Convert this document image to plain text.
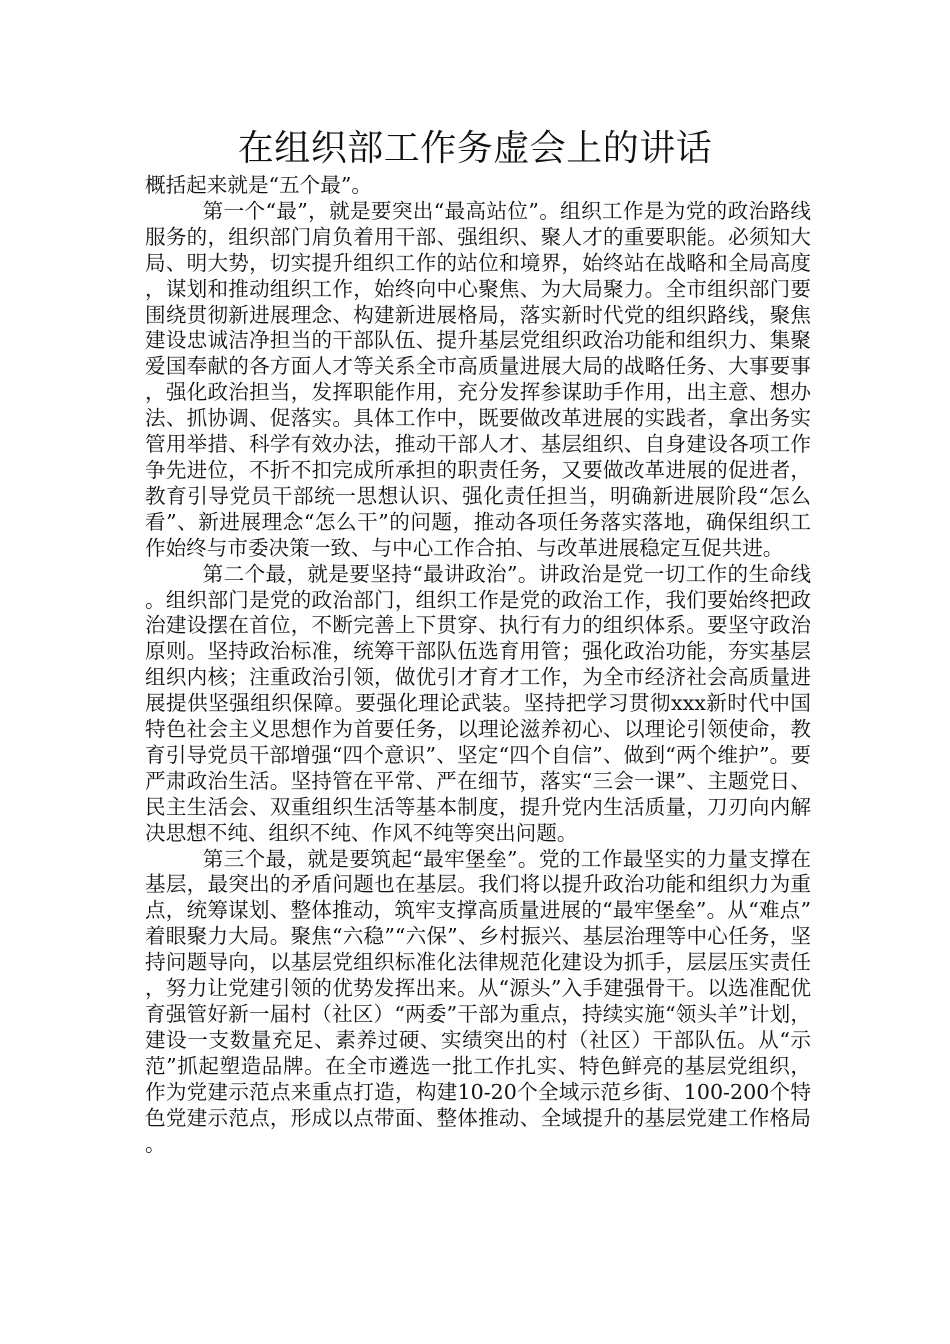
在组织部工作务虚会上的讲话

概括起来就是“五个最”。

第一个“最”，就是要突出“最高站位”。组织工作是为党的政治路线服务的，组织部门肩负着用干部、强组织、聚人才的重要职能。必须知大局、明大势，切实提升组织工作的站位和境界，始终站在战略和全局高度，谋划和推动组织工作，始终向中心聚焦、为大局聚力。全市组织部门要围绕贯彻新进展理念、构建新进展格局，落实新时代党的组织路线，聚焦建设忠诚洁净担当的干部队伍、提升基层党组织政治功能和组织力、集聚爱国奉献的各方面人才等关系全市高质量进展大局的战略任务、大事要事，强化政治担当，发挥职能作用，充分发挥参谋助手作用，出主意、想办法、抓协调、促落实。具体工作中，既要做改革进展的实践者，拿出务实管用举措、科学有效办法，推动干部人才、基层组织、自身建设各项工作争先进位，不折不扣完成所承担的职责任务，又要做改革进展的促进者，教育引导党员干部统一思想认识、强化责任担当，明确新进展阶段“怎么看”、新进展理念“怎么干”的问题，推动各项任务落实落地，确保组织工作始终与市委决策一致、与中心工作合拍、与改革进展稳定互促共进。

第二个最，就是要坚持“最讲政治”。讲政治是党一切工作的生命线。组织部门是党的政治部门，组织工作是党的政治工作，我们要始终把政治建设摆在首位，不断完善上下贯穿、执行有力的组织体系。要坚守政治原则。坚持政治标准，统筹干部队伍选育用管；强化政治功能，夯实基层组织内核；注重政治引领，做优引才育才工作，为全市经济社会高质量进展提供坚强组织保障。要强化理论武装。坚持把学习贯彻xxx新时代中国特色社会主义思想作为首要任务，以理论滋养初心、以理论引领使命，教育引导党员干部增强“四个意识”、坚定“四个自信”、做到“两个维护”。要严肃政治生活。坚持管在平常、严在细节，落实“三会一课”、主题党日、民主生活会、双重组织生活等基本制度，提升党内生活质量，刀刃向内解决思想不纯、组织不纯、作风不纯等突出问题。

第三个最，就是要筑起“最牢堡垒”。党的工作最坚实的力量支撑在基层，最突出的矛盾问题也在基层。我们将以提升政治功能和组织力为重点，统筹谋划、整体推动，筑牢支撑高质量进展的“最牢堡垒”。从“难点”着眼聚力大局。聚焦“六稳”“六保”、乡村振兴、基层治理等中心任务，坚持问题导向，以基层党组织标准化法律规范化建设为抓手，层层压实责任，努力让党建引领的优势发挥出来。从“源头”入手建强骨干。以选准配优育强管好新一届村（社区）“两委”干部为重点，持续实施“领头羊”计划，建设一支数量充足、素养过硬、实绩突出的村（社区）干部队伍。从“示范”抓起塑造品牌。在全市遴选一批工作扎实、特色鲜亮的基层党组织，作为党建示范点来重点打造，构建10-20个全域示范乡街、100-200个特色党建示范点，形成以点带面、整体推动、全域提升的基层党建工作格局。
